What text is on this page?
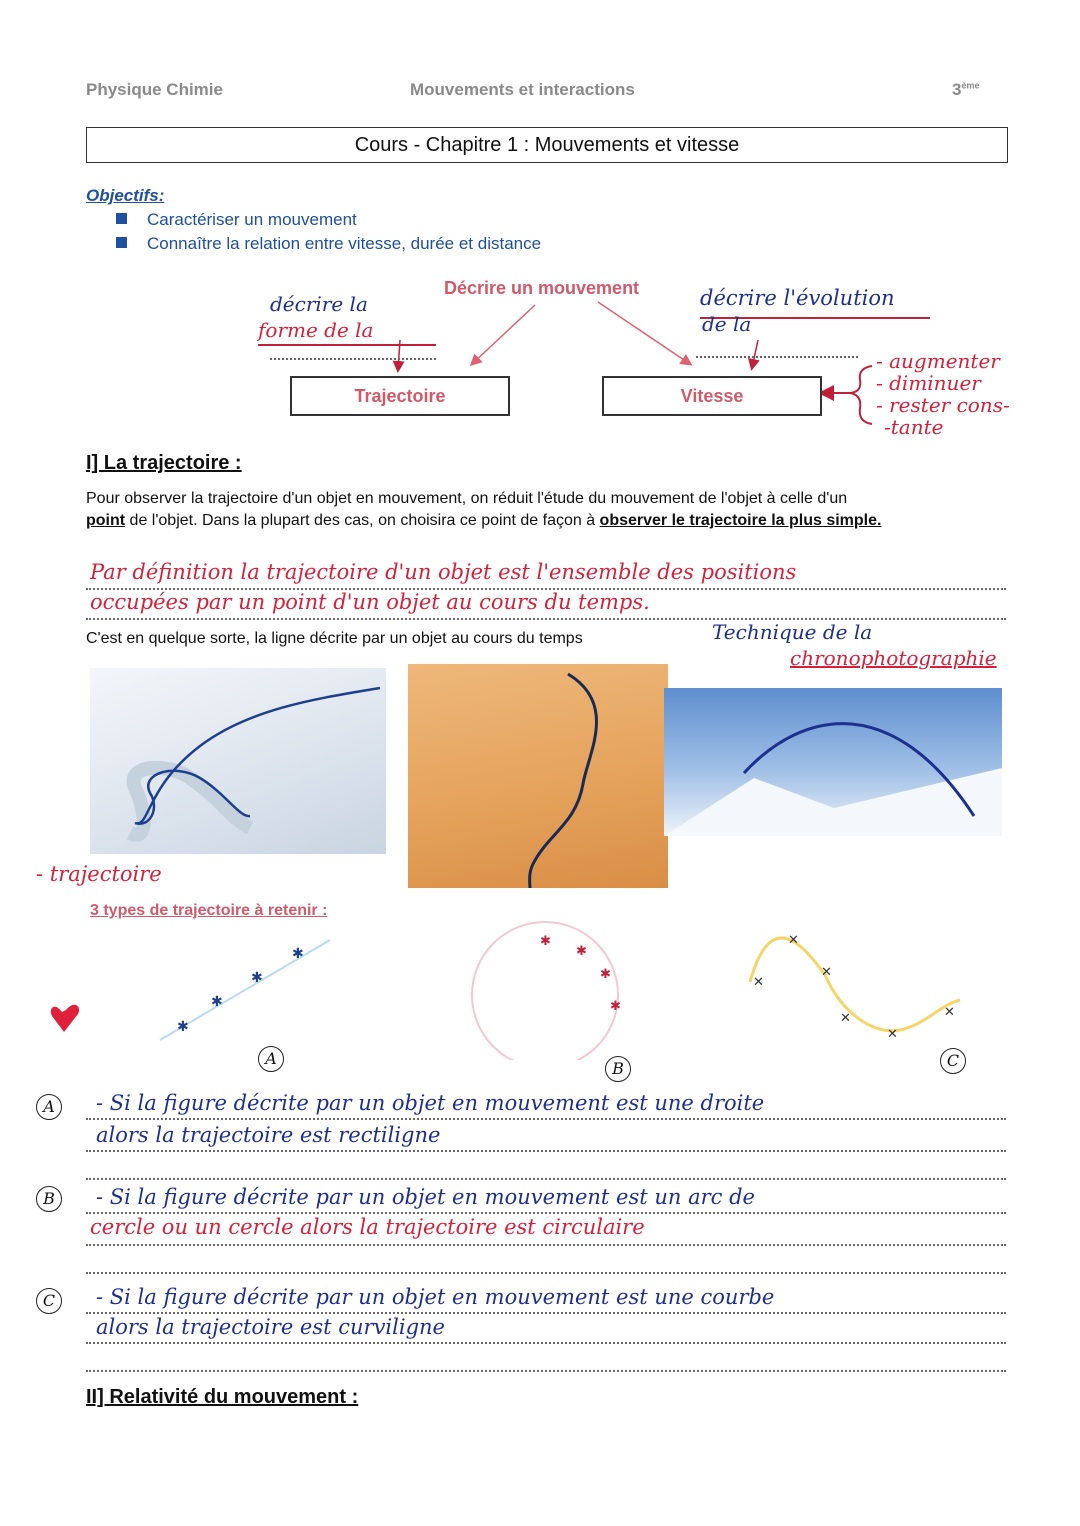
Physique Chimie	Mouvements et interactions	3ème
Cours - Chapitre 1 : Mouvements et vitesse
Objectifs:
Caractériser un mouvement
Connaître la relation entre vitesse, durée et distance
Décrire un mouvement
Trajectoire	Vitesse
décrire la
forme de la
décrire l'évolution
de la
- augmenter
- diminuer
- rester cons-
-tante
I] La trajectoire :
Pour observer la trajectoire d'un objet en mouvement, on réduit l'étude du mouvement de l'objet à celle d'un
point de l'objet. Dans la plupart des cas, on choisira ce point de façon à observer le trajectoire la plus simple.
Par définition la trajectoire d'un objet est l'ensemble des positions
occupées par un point d'un objet au cours du temps.
C'est en quelque sorte, la ligne décrite par un objet au cours du temps	Technique de la
chronophotographie
- trajectoire
3 types de trajectoire à retenir :
✱
✱
✱
✱
✱
✱
✱
✱
✕
✕
✕
✕
✕
✕
A
B	C
A
B
C
- Si la figure décrite par un objet en mouvement est une droite
alors la trajectoire est rectiligne
- Si la figure décrite par un objet en mouvement est un arc de
cercle ou un cercle alors la trajectoire est circulaire
- Si la figure décrite par un objet en mouvement est une courbe
alors la trajectoire est curviligne
II] Relativité du mouvement :
